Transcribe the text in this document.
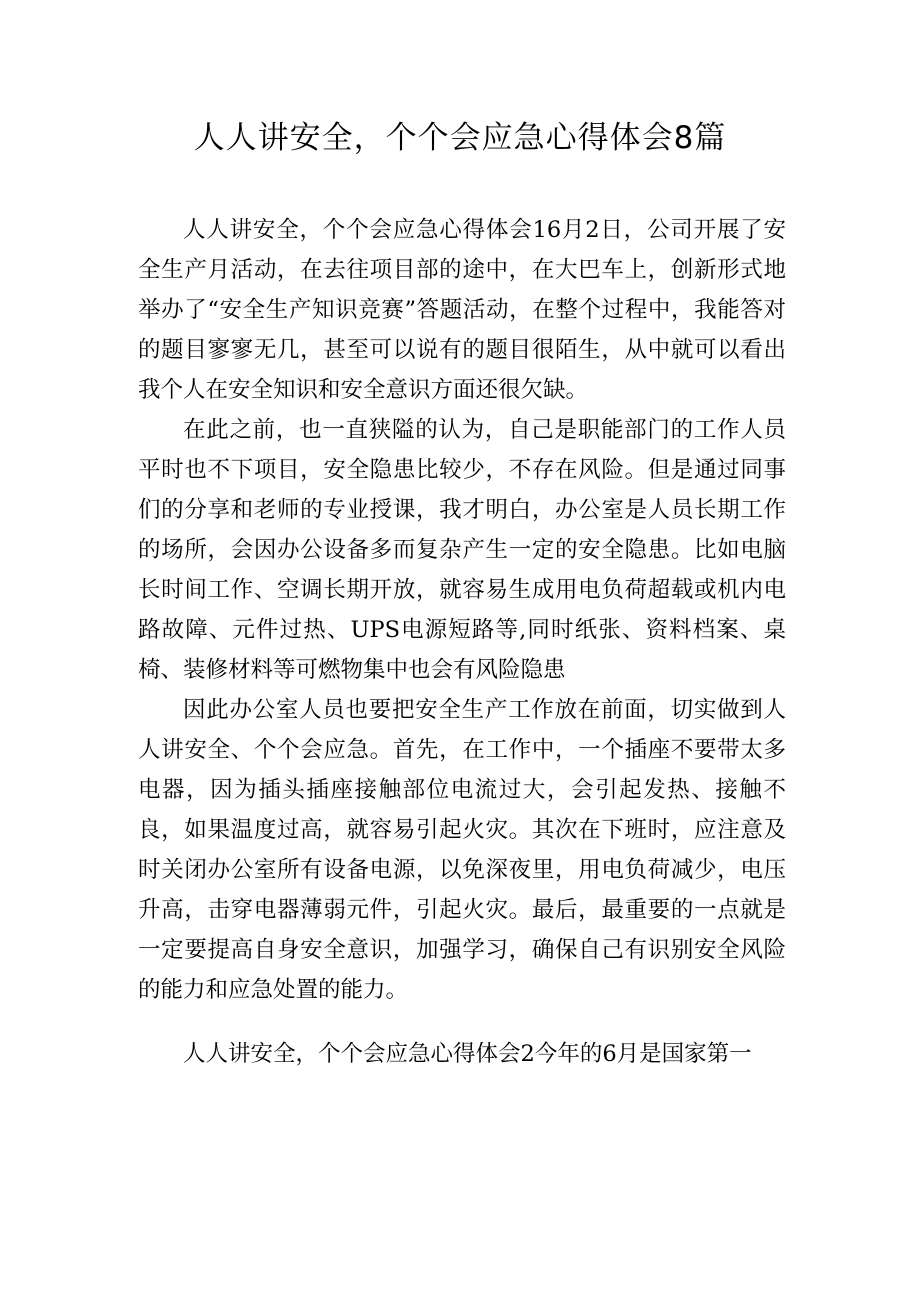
人人讲安全，个个会应急心得体会8篇

人人讲安全，个个会应急心得体会16月2日，公司开展了安全生产月活动，在去往项目部的途中，在大巴车上，创新形式地举办了“安全生产知识竞赛”答题活动，在整个过程中，我能答对的题目寥寥无几，甚至可以说有的题目很陌生，从中就可以看出我个人在安全知识和安全意识方面还很欠缺。

在此之前，也一直狭隘的认为，自己是职能部门的工作人员平时也不下项目，安全隐患比较少，不存在风险。但是通过同事们的分享和老师的专业授课，我才明白，办公室是人员长期工作的场所，会因办公设备多而复杂产生一定的安全隐患。比如电脑长时间工作、空调长期开放，就容易生成用电负荷超载或机内电路故障、元件过热、UPS电源短路等,同时纸张、资料档案、桌椅、装修材料等可燃物集中也会有风险隐患

因此办公室人员也要把安全生产工作放在前面，切实做到人人讲安全、个个会应急。首先，在工作中，一个插座不要带太多电器，因为插头插座接触部位电流过大，会引起发热、接触不良，如果温度过高，就容易引起火灾。其次在下班时，应注意及时关闭办公室所有设备电源，以免深夜里，用电负荷减少，电压升高，击穿电器薄弱元件，引起火灾。最后，最重要的一点就是一定要提高自身安全意识，加强学习，确保自己有识别安全风险的能力和应急处置的能力。

人人讲安全，个个会应急心得体会2今年的6月是国家第一
